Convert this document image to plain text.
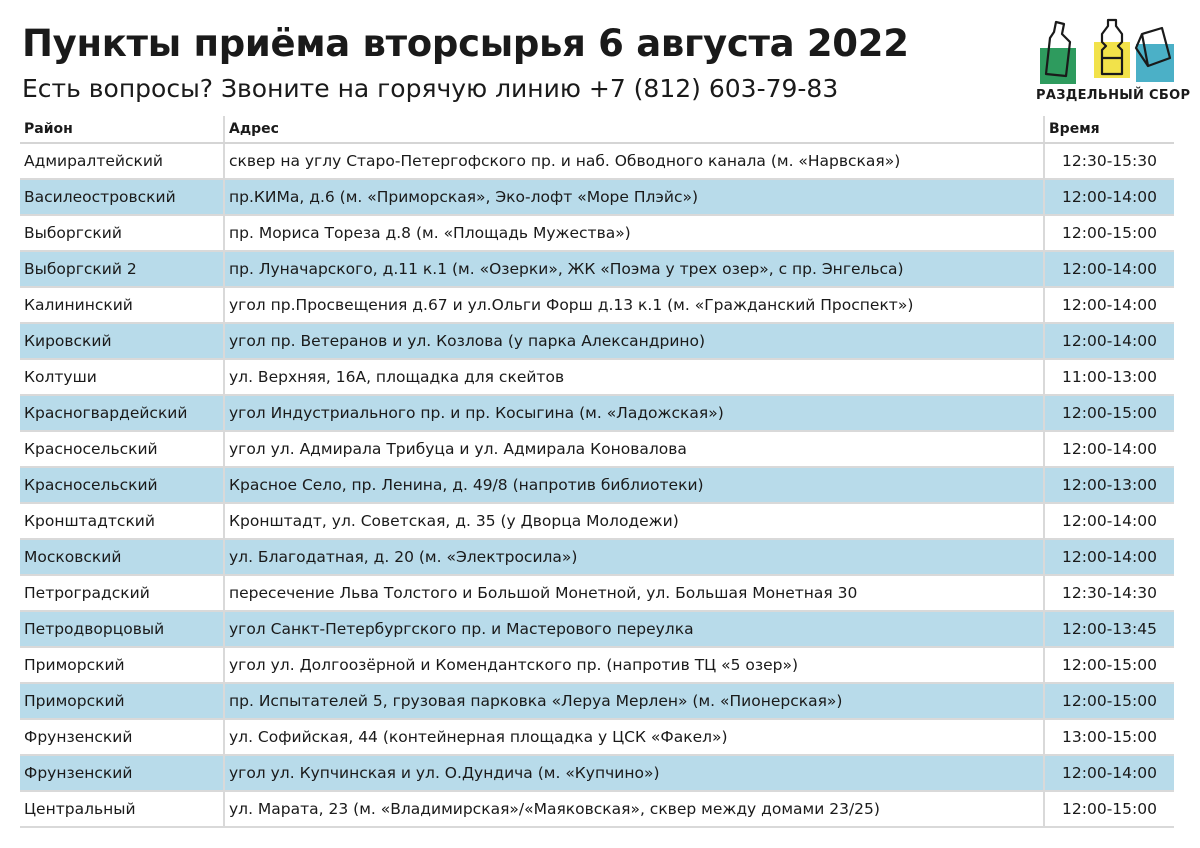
Пункты приёма вторсырья 6 августа 2022
Есть вопросы? Звоните на горячую линию +7 (812) 603-79-83	РАЗДЕЛЬНЫЙ СБОР
Район	Адрес	Время
Адмиралтейский	сквер на углу Старо-Петергофского пр. и наб. Обводного канала (м. «Нарвская»)	12:30-15:30
Василеостровский	пр.КИМа, д.6 (м. «Приморская», Эко-лофт «Море Плэйс»)	12:00-14:00
Выборгский	пр. Мориса Тореза д.8 (м. «Площадь Мужества»)	12:00-15:00
Выборгский 2	пр. Луначарского, д.11 к.1 (м. «Озерки», ЖК «Поэма у трех озер», с пр. Энгельса)	12:00-14:00
Калининский	угол пр.Просвещения д.67 и ул.Ольги Форш д.13 к.1 (м. «Гражданский Проспект»)	12:00-14:00
Кировский	угол пр. Ветеранов и ул. Козлова (у парка Александрино)	12:00-14:00
Колтуши	ул. Верхняя, 16А, площадка для скейтов	11:00-13:00
Красногвардейский	угол Индустриального пр. и пр. Косыгина (м. «Ладожская»)	12:00-15:00
Красносельский	угол ул. Адмирала Трибуца и ул. Адмирала Коновалова	12:00-14:00
Красносельский	Красное Село, пр. Ленина, д. 49/8 (напротив библиотеки)	12:00-13:00
Кронштадтский	Кронштадт, ул. Советская, д. 35 (у Дворца Молодежи)	12:00-14:00
Московский	ул. Благодатная, д. 20 (м. «Электросила»)	12:00-14:00
Петроградский	пересечение Льва Толстого и Большой Монетной, ул. Большая Монетная 30	12:30-14:30
Петродворцовый	угол Санкт-Петербургского пр. и Мастерового переулка	12:00-13:45
Приморский	угол ул. Долгоозёрной и Комендантского пр. (напротив ТЦ «5 озер»)	12:00-15:00
Приморский	пр. Испытателей 5, грузовая парковка «Леруа Мерлен» (м. «Пионерская»)	12:00-15:00
Фрунзенский	ул. Софийская, 44 (контейнерная площадка у ЦСК «Факел»)	13:00-15:00
Фрунзенский	угол ул. Купчинская и ул. О.Дундича (м. «Купчино»)	12:00-14:00
Центральный	ул. Марата, 23 (м. «Владимирская»/«Маяковская», сквер между домами 23/25)	12:00-15:00
